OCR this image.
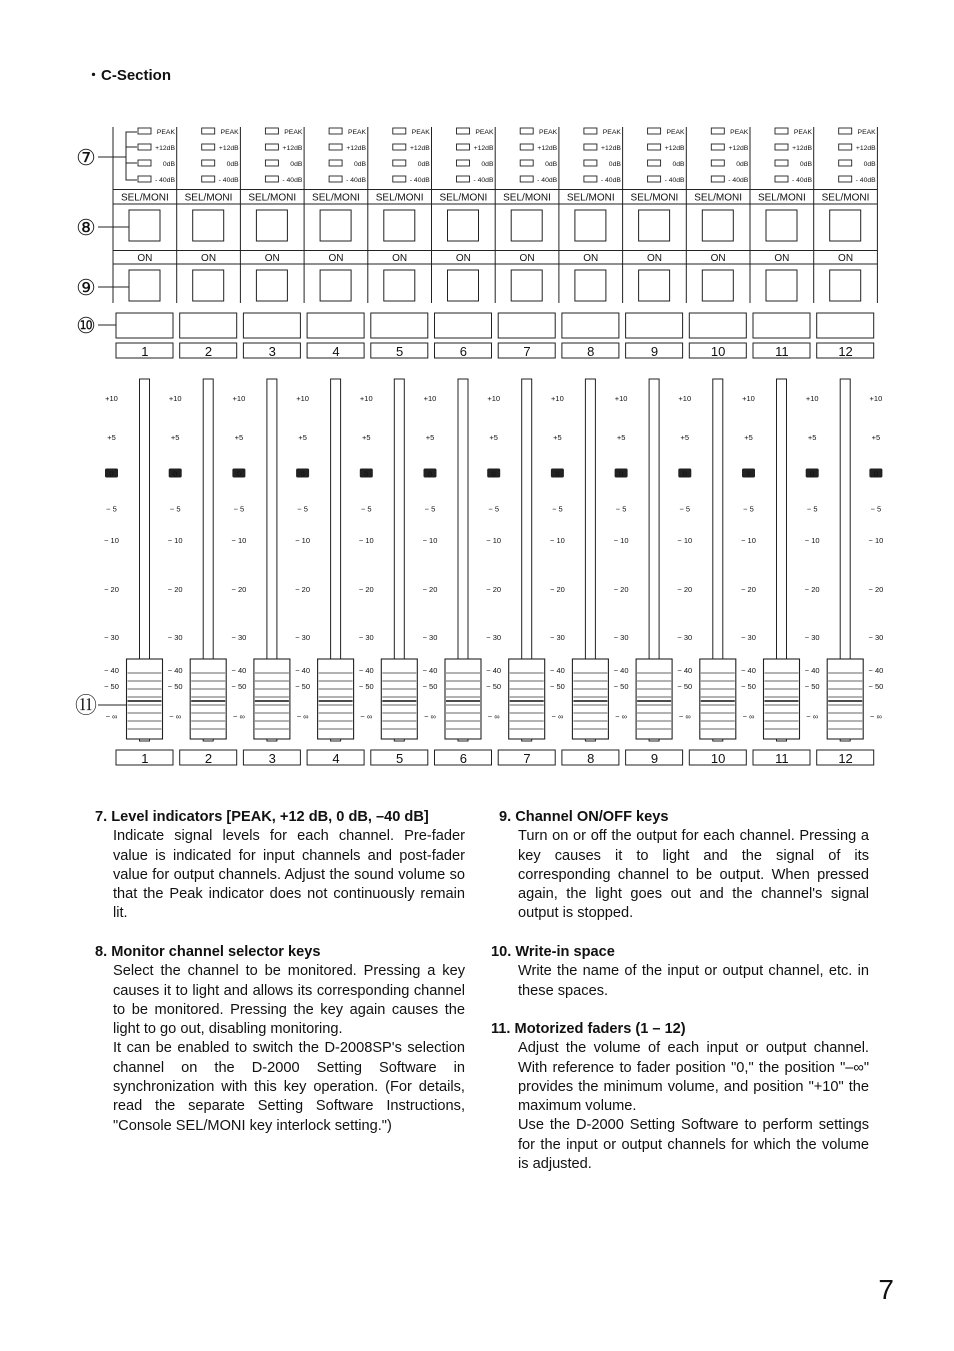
・C-Section
⑦
⑧
⑨
⑩
⑪
PEAK
+12dB
0dB
- 40dB
SEL/MONI
ON
1
PEAK
+12dB
0dB
- 40dB
SEL/MONI
ON
2
PEAK
+12dB
0dB
- 40dB
SEL/MONI
ON
3
PEAK
+12dB
0dB
- 40dB
SEL/MONI
ON
4
PEAK
+12dB
0dB
- 40dB
SEL/MONI
ON
5
PEAK
+12dB
0dB
- 40dB
SEL/MONI
ON
6
PEAK
+12dB
0dB
- 40dB
SEL/MONI
ON
7
PEAK
+12dB
0dB
- 40dB
SEL/MONI
ON
8
PEAK
+12dB
0dB
- 40dB
SEL/MONI
ON
9
PEAK
+12dB
0dB
- 40dB
SEL/MONI
ON
10
PEAK
+12dB
0dB
- 40dB
SEL/MONI
ON
11
PEAK
+12dB
0dB
- 40dB
SEL/MONI
ON
12
+10
+5
0
− 5
− 10
− 20
− 30
− 40
− 50
− ∞
1
+10
+5
0
− 5
− 10
− 20
− 30
− 40
− 50
− ∞
2
+10
+5
0
− 5
− 10
− 20
− 30
− 40
− 50
− ∞
3
+10
+5
0
− 5
− 10
− 20
− 30
− 40
− 50
− ∞
4
+10
+5
0
− 5
− 10
− 20
− 30
− 40
− 50
− ∞
5
+10
+5
0
− 5
− 10
− 20
− 30
− 40
− 50
− ∞
6
+10
+5
0
− 5
− 10
− 20
− 30
− 40
− 50
− ∞
7
+10
+5
0
− 5
− 10
− 20
− 30
− 40
− 50
− ∞
8
+10
+5
0
− 5
− 10
− 20
− 30
− 40
− 50
− ∞
9
+10
+5
0
− 5
− 10
− 20
− 30
− 40
− 50
− ∞
10
+10
+5
0
− 5
− 10
− 20
− 30
− 40
− 50
− ∞
11
+10
+5
0
− 5
− 10
− 20
− 30
− 40
− 50
− ∞
12
+10
+5
0
− 5
− 10
− 20
− 30
− 40
− 50
− ∞
7. Level indicators [PEAK, +12 dB, 0 dB, –40 dB]
Indicate signal levels for each channel. Pre-fader value is indicated for input channels and post-fader value for output channels. Adjust the sound volume so that the Peak indicator does not continuously remain lit.
8. Monitor channel selector keys
Select the channel to be monitored. Pressing a key causes it to light and allows its corresponding channel to be monitored. Pressing the key again causes the light to go out, disabling monitoring.
It can be enabled to switch the D-2008SP's selection channel on the D-2000 Setting Software in synchronization with this key operation. (For details, read the separate Setting Software Instructions, "Console SEL/MONI key interlock setting.")
9. Channel ON/OFF keys
Turn on or off the output for each channel. Pressing a key causes it to light and the signal of its corresponding channel to be output. When pressed again, the light goes out and the channel's signal output is stopped.
10. Write-in space
Write the name of the input or output channel, etc. in these spaces.
11. Motorized faders (1 – 12)
Adjust the volume of each input or output channel. With reference to fader position "0," the position "–∞" provides the minimum volume, and position "+10" the maximum volume.
Use the D-2000 Setting Software to perform settings for the input or output channels for which the volume is adjusted.
7
